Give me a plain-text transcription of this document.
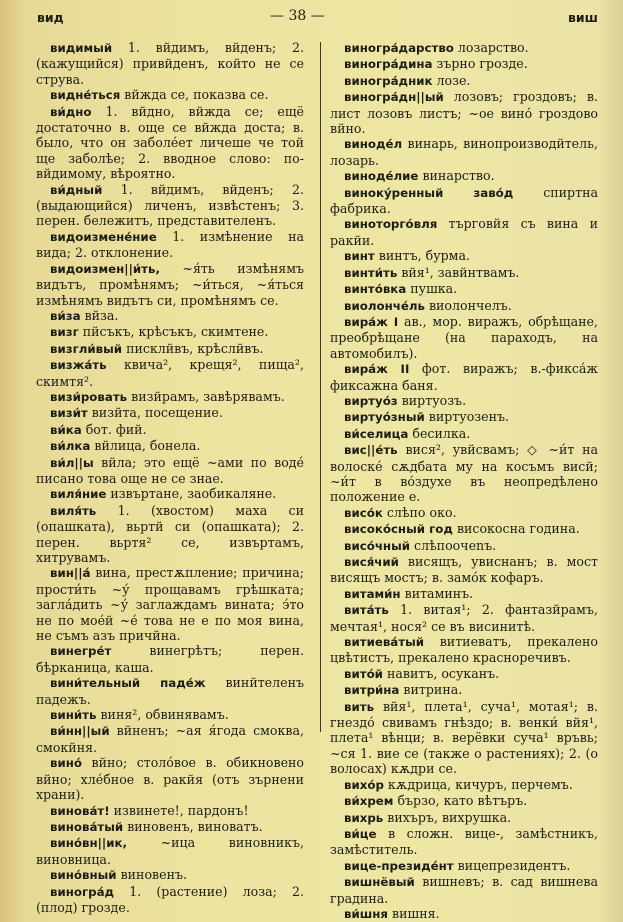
вид	— 38 —	виш

видимый 1. вйдимъ, вйденъ; 2. (кажущийся) привйденъ, който не се струва.

видне́ться вйжда се, показва се.

ви́дно 1. вйдно, вйжда се; ещё достаточно в. още се вйжда доста; в. было, что он заболе́ет личеше че той ще заболѣе; 2. вводное слово: по-вйдимому, вѣроятно.

ви́дный 1. вйдимъ, вйденъ; 2. (выдающийся) личенъ, извѣстенъ; 3. перен. бележитъ, представителенъ.

видоизмене́ние 1. измѣнение на вида; 2. отклонение.

видоизмен||и́ть, ~я́ть измѣнямъ видътъ, промѣнямъ; ~и́ться, ~я́ться измѣнямъ видътъ си, промѣнямъ се.

ви́за вйза.

визг пйсъкъ, крѣсъкъ, скимтене.

визгли́вый писклйвъ, крѣслйвъ.

визжа́ть квича², крещя², пища², скимтя².

визи́ровать визйрамъ, завѣрявамъ.

визи́т визйта, посещение.

ви́ка бот. фий.

ви́лка вйлица, бонела.

ви́л||ы вйла; это ещё ~ами по воде́ писано това още не се знае.

виля́ние извъртане, заобикаляне.

виля́ть 1. (хвостом) маха си (опашката), вьртй си (опашката); 2. перен. вьртя² се, извъртамъ, хитрувамъ.

вин||а́ вина, престѫпление; причина; прости́ть ~у́ прощавамъ грѣшката; загла́дить ~у́ заглаждамъ вината; э́то не по мое́й ~е́ това не е по моя вина, не съмъ азъ причйна.

винегре́т	винегрѣтъ; перен. бѣрканица, каша.

вини́тельный паде́ж винйтеленъ падежъ.

вини́ть виня², обвинявамъ.

ви́нн||ый вйненъ; ~ая я́года смоква, смокйня.

вино́ вйно; столо́вое в. обикновено вйно; хле́бное в. ракйя (отъ зърнени храни).

винова́т! извинете!, пардонъ!

винова́тый виновенъ, виноватъ.

вино́вн||ик,	~ица виновникъ, виновница.

вино́вный виновенъ.

виногра́д 1. (растение) лоза; 2. (плод) грозде.

виногра́дарство лозарство.

виногра́дина зърно грозде.

виногра́дник лозе.

виногра́дн||ый лозовъ; гроздовъ; в. лист лозовъ листъ; ~ое вино́ гроздово вйно.

виноде́л винарь, винопроизводйтель, лозарь.

виноде́лие винарство.

виноку́ренный заво́д спиртна фабрика.

виноторго́вля търговйя съ вина и ракйи.

винт винтъ, бурма.

винти́ть вйя¹, завйнтвамъ.

винто́вка пушка.

виолонче́ль виолончелъ.

вира́ж I ав., мор. виражъ, обрѣщане, преобрѣщане (на параходъ, на автомобилъ).

вира́ж II фот. виражъ; в.-фикса́ж фиксажна баня.

виртуо́з виртуозъ.

виртуо́зный виртуозенъ.

ви́селица бесилка.

вис||е́ть вися², увйсвамъ; ◇ ~и́т на волоске́ сѫдбата му на косъмъ висй; ~и́т в во́здухе въ неопредѣлено положение е.

висо́к слѣпо око.

високо́сный год високосна година.

висо́чный слѣпоочenъ.

вися́чий висящъ, увиснанъ; в. мост висящъ мостъ; в. замо́к кофаръ.

витами́н витаминъ.

вита́ть 1. витая¹; 2. фантазйрамъ, мечтая¹, нося² се въ висинитѣ.

витиева́тый витиеватъ, прекалено цвѣтистъ, прекалено красноречивъ.

вито́й навитъ, осуканъ.

витри́на витрина.

вить вйя¹, плета¹, суча¹, мотая¹; в. гнездо́ свивамъ гнѣздо; в. венки́ вйя¹, плета¹ вѣнци; в. верёвки суча¹ връвь; ~ся 1. вие се (также о растениях); 2. (о волосах) кѫдри се.

вихо́р кѫдрица, кичуръ, перчемъ.

ви́хрем бързо, като вѣтъръ.

вихрь вихъръ, вихрушка.

ви́це в сложн. вице-, замѣстникъ, замѣститель.

вице-президе́нт вицепрезидентъ.

вишнёвый вишневъ; в. сад вишнева градина.

ви́шня вишня.
